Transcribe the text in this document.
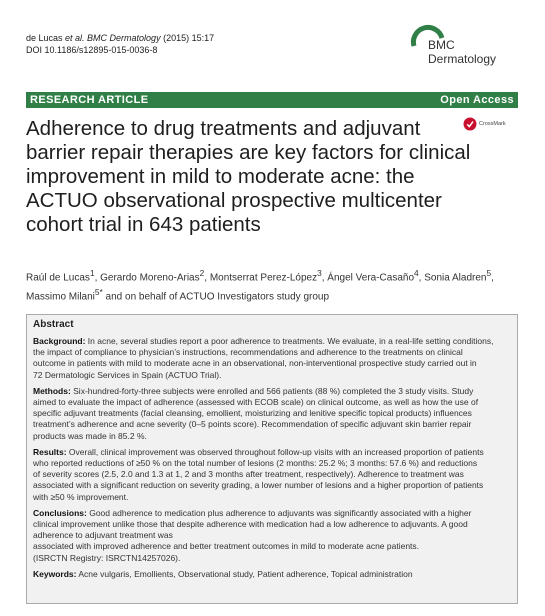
de Lucas et al. BMC Dermatology (2015) 15:17
DOI 10.1186/s12895-015-0036-8	BMC
Dermatology
RESEARCH ARTICLE	Open Access
Adherence to drug treatments and adjuvant
barrier repair therapies are key factors for clinical
improvement in mild to moderate acne: the
ACTUO observational prospective multicenter
cohort trial in 643 patients
CrossMark
Raúl de Lucas$^1$, Gerardo Moreno-Arias$^2$, Montserrat Perez-López$^3$, Ángel Vera-Casaño$^4$, Sonia Aladren$^5$,
Massimo Milani$^{5*}$ and on behalf of ACTUO Investigators study group
Abstract
Background: In acne, several studies report a poor adherence to treatments. We evaluate, in a real-life setting conditions,
the impact of compliance to physician’s instructions, recommendations and adherence to the treatments on clinical
outcome in patients with mild to moderate acne in an observational, non-interventional prospective study carried out in
72 Dermatologic Services in Spain (ACTUO Trial).
Methods: Six-hundred-forty-three subjects were enrolled and 566 patients (88 %) completed the 3 study visits. Study
aimed to evaluate the impact of adherence (assessed with ECOB scale) on clinical outcome, as well as how the use of
specific adjuvant treatments (facial cleansing, emollient, moisturizing and lenitive specific topical products) influences
treatment’s adherence and acne severity (0–5 points score). Recommendation of specific adjuvant skin barrier repair
products was made in 85.2 %.
Results: Overall, clinical improvement was observed throughout follow-up visits with an increased proportion of patients
who reported reductions of ≥50 % on the total number of lesions (2 months: 25.2 %; 3 months: 57.6 %) and reductions
of severity scores (2.5, 2.0 and 1.3 at 1, 2 and 3 months after treatment, respectively). Adherence to treatment was
associated with a significant reduction on severity grading, a lower number of lesions and a higher proportion of patients
with ≥50 % improvement.
Conclusions: Good adherence to medication plus adherence to adjuvants was significantly associated with a higher
clinical improvement unlike those that despite adherence with medication had a low adherence to adjuvants. A good
adherence to adjuvant treatment was
associated with improved adherence and better treatment outcomes in mild to moderate acne patients.
(ISRCTN Registry: ISRCTN14257026).
Keywords: Acne vulgaris, Emollients, Observational study, Patient adherence, Topical administration
